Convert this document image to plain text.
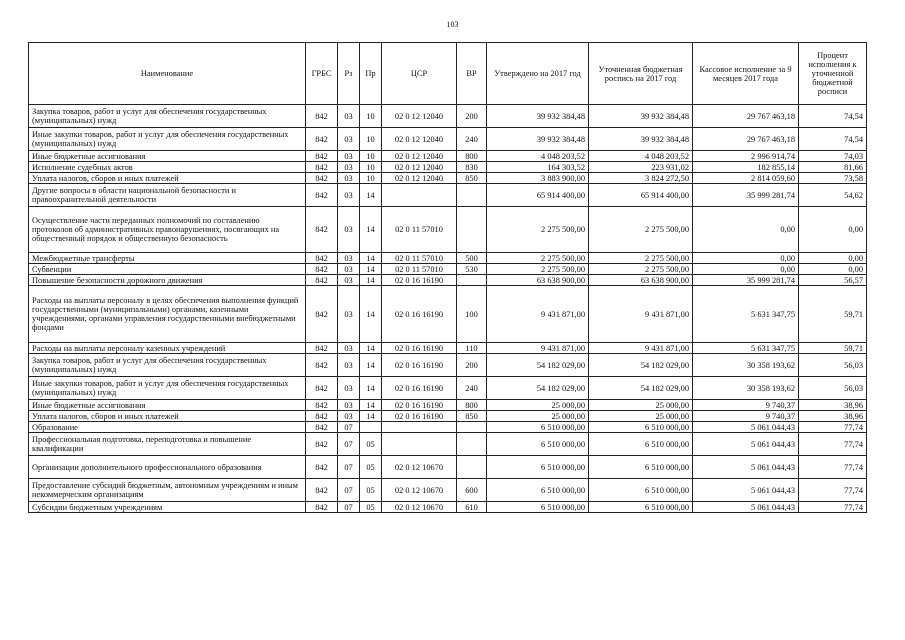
103
Наименование	ГРБС	Рз	Пр	ЦСР	ВР	Утверждено на 2017 год	Уточненная бюджетная роспись на 2017 год	Кассовое исполнение за 9 месяцев 2017 года	Процент исполнения к уточненной бюджетной росписи
Закупка товаров, работ и услуг для обеспечения государственных (муниципальных) нужд	842	03	10	02 0 12 12040	200	39 932 384,48	39 932 384,48	29 767 463,18	74,54
Иные закупки товаров, работ и услуг для обеспечения государственных (муниципальных) нужд	842	03	10	02 0 12 12040	240	39 932 384,48	39 932 384,48	29 767 463,18	74,54
Иные бюджетные ассигнования	842	03	10	02 0 12 12040	800	4 048 203,52	4 048 203,52	2 996 914,74	74,03
Исполнение судебных актов	842	03	10	02 0 12 12040	830	164 303,52	223 931,02	182 855,14	81,66
Уплата налогов, сборов и иных платежей	842	03	10	02 0 12 12040	850	3 883 900,00	3 824 272,50	2 814 059,60	73,58
Другие вопросы в области национальной безопасности и правоохранительной деятельности	842	03	14			65 914 400,00	65 914 400,00	35 999 281,74	54,62
Осуществление части переданных полномочий по составлению протоколов об административных правонарушениях, посягающих на общественный порядок и общественную безопасность	842	03	14	02 0 11 57010		2 275 500,00	2 275 500,00	0,00	0,00
Межбюджетные трансферты	842	03	14	02 0 11 57010	500	2 275 500,00	2 275 500,00	0,00	0,00
Субвенции	842	03	14	02 0 11 57010	530	2 275 500,00	2 275 500,00	0,00	0,00
Повышение безопасности дорожного движения	842	03	14	02 0 16 16190		63 638 900,00	63 638 900,00	35 999 281,74	56,57
Расходы на выплаты персоналу в целях обеспечения выполнения функций государственными (муниципальными) органами, казенными учреждениями, органами управления государственными внебюджетными фондами	842	03	14	02 0 16 16190	100	9 431 871,00	9 431 871,00	5 631 347,75	59,71
Расходы на выплаты персоналу казенных учреждений	842	03	14	02 0 16 16190	110	9 431 871,00	9 431 871,00	5 631 347,75	59,71
Закупка товаров, работ и услуг для обеспечения государственных (муниципальных) нужд	842	03	14	02 0 16 16190	200	54 182 029,00	54 182 029,00	30 358 193,62	56,03
Иные закупки товаров, работ и услуг для обеспечения государственных (муниципальных) нужд	842	03	14	02 0 16 16190	240	54 182 029,00	54 182 029,00	30 358 193,62	56,03
Иные бюджетные ассигнования	842	03	14	02 0 16 16190	800	25 000,00	25 000,00	9 740,37	38,96
Уплата налогов, сборов и иных платежей	842	03	14	02 0 16 16190	850	25 000,00	25 000,00	9 740,37	38,96
Образование	842	07				6 510 000,00	6 510 000,00	5 061 044,43	77,74
Профессиональная подготовка, переподготовка и повышение квалификации	842	07	05			6 510 000,00	6 510 000,00	5 061 044,43	77,74
Организации дополнительного профессионального образования	842	07	05	02 0 12 10670		6 510 000,00	6 510 000,00	5 061 044,43	77,74
Предоставление субсидий бюджетным, автономным учреждениям и иным некоммерческим организациям	842	07	05	02 0 12 10670	600	6 510 000,00	6 510 000,00	5 061 044,43	77,74
Субсидии бюджетным учреждениям	842	07	05	02 0 12 10670	610	6 510 000,00	6 510 000,00	5 061 044,43	77,74
